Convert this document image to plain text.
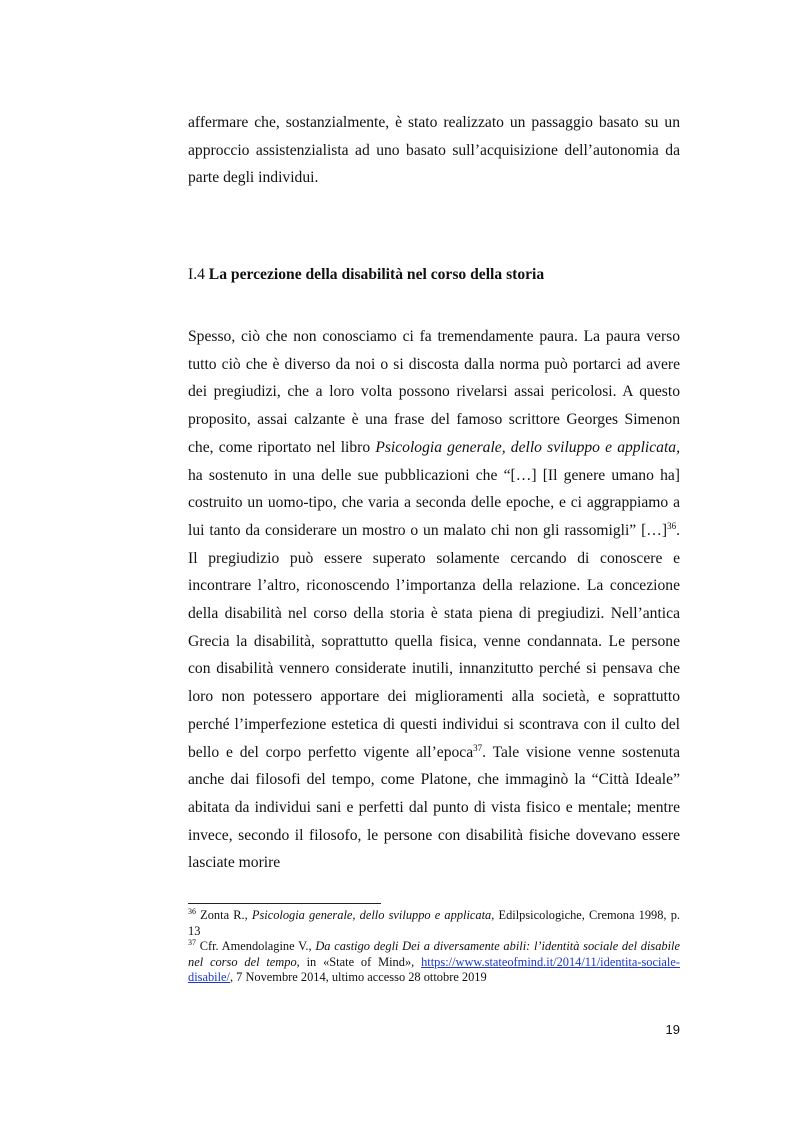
affermare che, sostanzialmente, è stato realizzato un passaggio basato su un approccio assistenzialista ad uno basato sull’acquisizione dell’autonomia da parte degli individui.

I.4 La percezione della disabilità nel corso della storia

Spesso, ciò che non conosciamo ci fa tremendamente paura. La paura verso tutto ciò che è diverso da noi o si discosta dalla norma può portarci ad avere dei pregiudizi, che a loro volta possono rivelarsi assai pericolosi. A questo proposito, assai calzante è una frase del famoso scrittore Georges Simenon che, come riportato nel libro Psicologia generale, dello sviluppo e applicata, ha sostenuto in una delle sue pubblicazioni che “[…] [Il genere umano ha] costruito un uomo-tipo, che varia a seconda delle epoche, e ci aggrappiamo a lui tanto da considerare un mostro o un malato chi non gli rassomigli” […]$^{36}$. Il pregiudizio può essere superato solamente cercando di conoscere e incontrare l’altro, riconoscendo l’importanza della relazione. La concezione della disabilità nel corso della storia è stata piena di pregiudizi. Nell’antica Grecia la disabilità, soprattutto quella fisica, venne condannata. Le persone con disabilità vennero considerate inutili, innanzitutto perché si pensava che loro non potessero apportare dei miglioramenti alla società, e soprattutto perché l’imperfezione estetica di questi individui si scontrava con il culto del bello e del corpo perfetto vigente all’epoca$^{37}$. Tale visione venne sostenuta anche dai filosofi del tempo, come Platone, che immaginò la “Città Ideale” abitata da individui sani e perfetti dal punto di vista fisico e mentale; mentre invece, secondo il filosofo, le persone con disabilità fisiche dovevano essere lasciate morire

$^{36}$ Zonta R., Psicologia generale, dello sviluppo e applicata, Edilpsicologiche, Cremona 1998, p. 13

$^{37}$ Cfr. Amendolagine V., Da castigo degli Dei a diversamente abili: l’identità sociale del disabile nel corso del tempo, in «State of Mind», https://www.stateofmind.it/2014/11/identita-sociale-disabile/, 7 Novembre 2014, ultimo accesso 28 ottobre 2019

19
